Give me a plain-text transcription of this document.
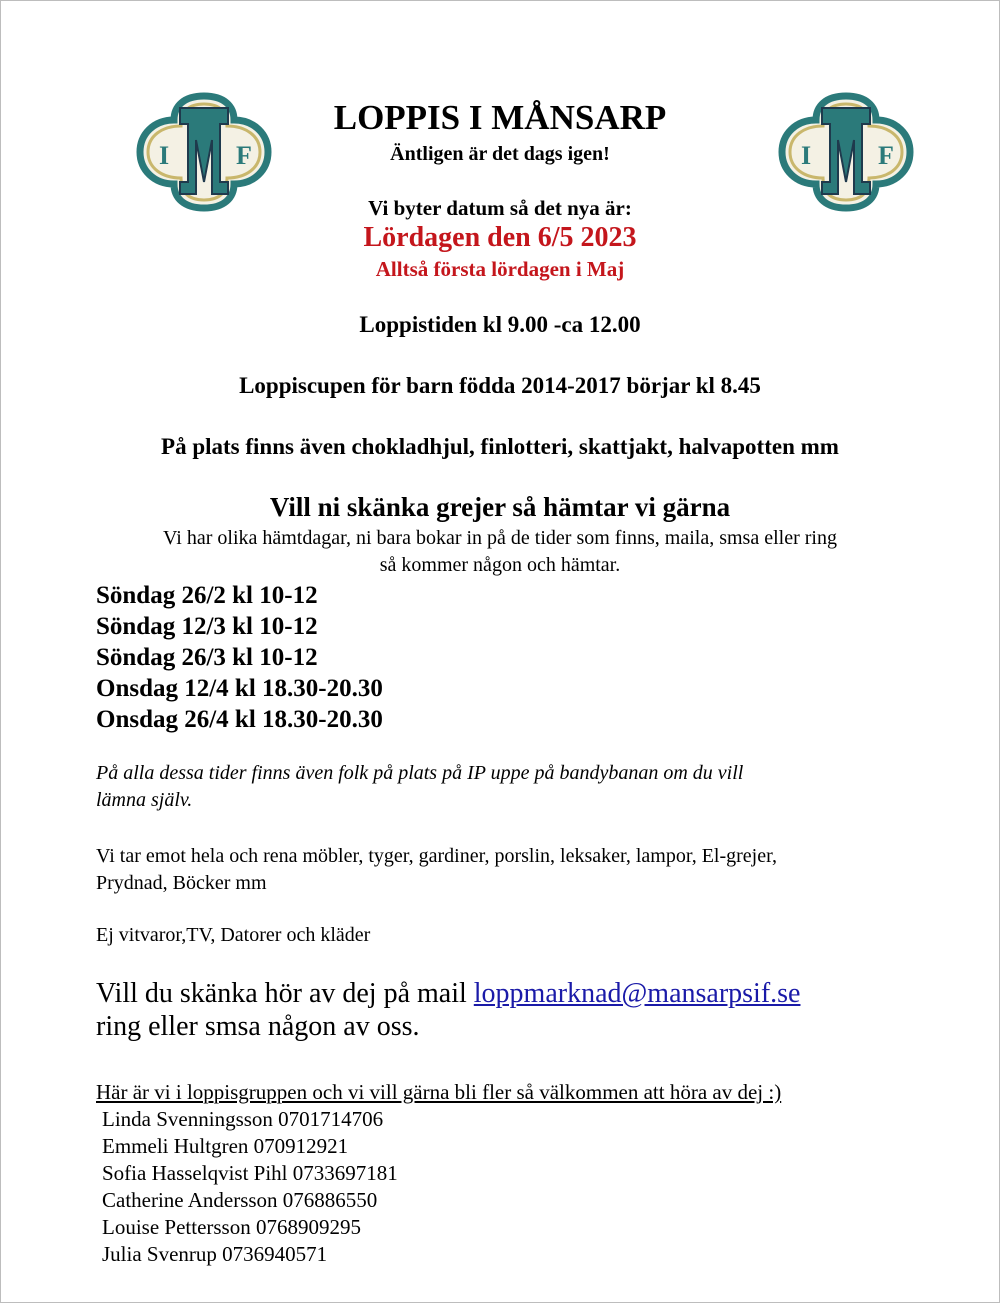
I	F	I	F
LOPPIS I MÅNSARP
Äntligen är det dags igen!
Vi byter datum så det nya är:
Lördagen den 6/5 2023
Alltså första lördagen i Maj
Loppistiden kl 9.00 -ca 12.00
Loppiscupen för barn födda 2014-2017 börjar kl 8.45
På plats finns även chokladhjul, finlotteri, skattjakt, halvapotten mm
Vill ni skänka grejer så hämtar vi gärna
Vi har olika hämtdagar, ni bara bokar in på de tider som finns, maila, smsa eller ring
så kommer någon och hämtar.
Söndag 26/2 kl 10-12
Söndag 12/3 kl 10-12
Söndag 26/3 kl 10-12
Onsdag 12/4 kl 18.30-20.30
Onsdag 26/4 kl 18.30-20.30
På alla dessa tider finns även folk på plats på IP uppe på bandybanan om du vill
lämna själv.
Vi tar emot hela och rena möbler, tyger, gardiner, porslin, leksaker, lampor, El-grejer,
Prydnad, Böcker mm
Ej vitvaror,TV, Datorer och kläder
Vill du skänka hör av dej på mail loppmarknad@mansarpsif.se
ring eller smsa någon av oss.
Här är vi i loppisgruppen och vi vill gärna bli fler så välkommen att höra av dej :)
Linda Svenningsson 0701714706
Emmeli Hultgren 070912921
Sofia Hasselqvist Pihl 0733697181
Catherine Andersson 076886550
Louise Pettersson 0768909295
Julia Svenrup 0736940571
